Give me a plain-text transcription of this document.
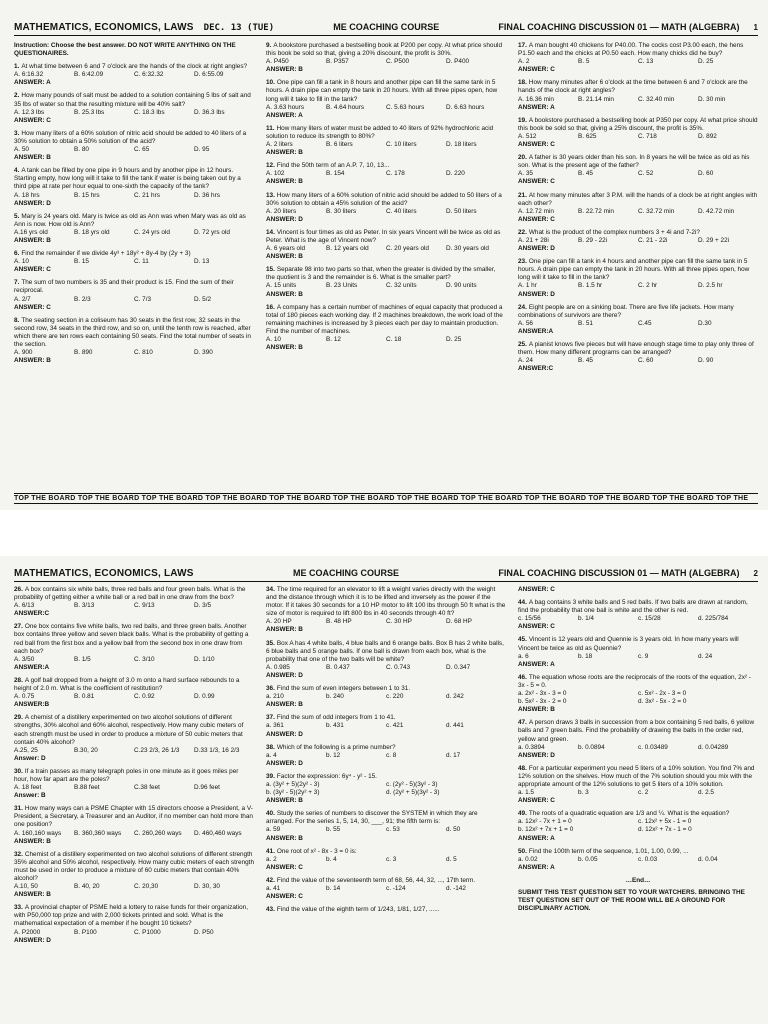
MATHEMATICS, ECONOMICS, LAWS DEC. 13 (TUE)	ME COACHING COURSE	FINAL COACHING DISCUSSION 01 — MATH (ALGEBRA) 1
Instruction: Choose the best answer. DO NOT WRITE ANYTHING ON THE QUESTIONAIRES.
1. At what time between 6 and 7 o'clock are the hands of the clock at right angles?
A. 6:16.32	B. 6:42.09	C. 6:32.32	D. 6:55.09
ANSWER: A
2. How many pounds of salt must be added to a solution containing 5 lbs of salt and 35 lbs of water so that the resulting mixture will be 40% salt?
A. 12.3 lbs	B. 25.3 lbs	C. 18.3 lbs	D. 36.3 lbs
ANSWER: C
3. How many liters of a 60% solution of nitric acid should be added to 40 liters of a 30% solution to obtain a 50% solution of the acid?
A. 50	B. 80	C. 65	D. 95
ANSWER: B
4. A tank can be filled by one pipe in 9 hours and by another pipe in 12 hours. Starting empty, how long will it take to fill the tank if water is being taken out by a third pipe at rate per hour equal to one-sixth the capacity of the tank?
A. 18 hrs	B. 15 hrs	C. 21 hrs	D. 36 hrs
ANSWER: D
5. Mary is 24 years old. Mary is twice as old as Ann was when Mary was as old as Ann is now. How old is Ann?
A.16 yrs old	B. 18 yrs old	C. 24 yrs old	D. 72 yrs old
ANSWER: B
6. Find the remainder if we divide 4y³ + 18y² + 8y-4 by (2y + 3)
A. 10	B. 15	C. 11	D. 13
ANSWER: C
7. The sum of two numbers is 35 and their product is 15. Find the sum of their reciprocal.
A. 2/7	B. 2/3	C. 7/3	D. 5/2
ANSWER: C
8. The seating section in a coliseum has 30 seats in the first row, 32 seats in the second row, 34 seats in the third row, and so on, until the tenth row is reached, after which there are ten rows each containing 50 seats. Find the total number of seats in the section.
A. 900	B. 890	C. 810	D. 390
ANSWER: B
9. A bookstore purchased a bestselling book at P200 per copy. At what price should this book be sold so that, giving a 20% discount, the profit is 30%.
A. P450	B. P357	C. P500	D. P400
ANSWER: B
10. One pipe can fill a tank in 8 hours and another pipe can fill the same tank in 5 hours. A drain pipe can empty the tank in 20 hours. With all three pipes open, how long will it take to fill in the tank?
A. 3.63 hours	B. 4.64 hours	C. 5.63 hours	D. 6.63 hours
ANSWER: A
11. How many liters of water must be added to 40 liters of 92% hydrochloric acid solution to reduce its strength to 80%?
A. 2 liters	B. 6 liters	C. 10 liters	D. 18 liters
ANSWER: B
12. Find the 50th term of an A.P. 7, 10, 13...
A. 102	B. 154	C. 178	D. 220
ANSWER: B
13. How many liters of a 60% solution of nitric acid should be added to 50 liters of a 30% solution to obtain a 45% solution of the acid?
A. 20 liters	B. 30 liters	C. 40 liters	D. 50 liters
ANSWER: D
14. Vincent is four times as old as Peter. In six years Vincent will be twice as old as Peter. What is the age of Vincent now?
A. 6 years old	B. 12 years old	C. 20 years old	D. 30 years old
ANSWER: B
15. Separate 98 into two parts so that, when the greater is divided by the smaller, the quotient is 3 and the remainder is 6. What is the smaller part?
A. 15 units	B. 23 Units	C. 32 units	D. 90 units
ANSWER: B
16. A company has a certain number of machines of equal capacity that produced a total of 180 pieces each working day. If 2 machines breakdown, the work load of the remaining machines is increased by 3 pieces each per day to maintain production. Find the number of machines.
A. 10	B. 12	C. 18	D. 25
ANSWER: B
17. A man bought 40 chickens for P40.00. The cocks cost P3.00 each, the hens P1.50 each and the chicks at P0.50 each. How many chicks did he buy?
A. 2	B. 5	C. 13	D. 25
ANSWER: C
18. How many minutes after 6 o'clock at the time between 6 and 7 o'clock are the hands of the clock at right angles?
A. 16.36 min	B. 21.14 min	C. 32.40 min	D. 30 min
ANSWER: A
19. A bookstore purchased a bestselling book at P350 per copy. At what price should this book be sold so that, giving a 25% discount, the profit is 35%.
A. 512	B. 625	C. 718	D. 892
ANSWER: C
20. A father is 30 years older than his son. In 8 years he will be twice as old as his son. What is the present age of the father?
A. 35	B. 45	C. 52	D. 60
ANSWER: C
21. At how many minutes after 3 P.M. will the hands of a clock be at right angles with each other?
A. 12.72 min	B. 22.72 min	C. 32.72 min	D. 42.72 min
ANSWER: C
22. What is the product of the complex numbers 3 + 4i and 7-2i?
A. 21 + 28i	B. 29 - 22i	C. 21 - 22i	D. 29 + 22i
ANSWER: D
23. One pipe can fill a tank in 4 hours and another pipe can fill the same tank in 5 hours. A drain pipe can empty the tank in 20 hours. With all three pipes open, how long will it take to fill in the tank?
A. 1 hr	B. 1.5 hr	C. 2 hr	D. 2.5 hr
ANSWER: D
24. Eight people are on a sinking boat. There are five life jackets. How many combinations of survivors are there?
A. 56	B. 51	C.45	D.30
ANSWER:A
25. A pianist knows five pieces but will have enough stage time to play only three of them. How many different programs can be arranged?
A. 24	B. 45	C. 60	D. 90
ANSWER:C
TOP THE BOARD TOP THE BOARD TOP THE BOARD TOP THE BOARD TOP THE BOARD TOP THE BOARD TOP THE BOARD TOP THE BOARD TOP THE BOARD TOP THE BOARD TOP THE BOARD TOP THE
MATHEMATICS, ECONOMICS, LAWS	ME COACHING COURSE	FINAL COACHING DISCUSSION 01 — MATH (ALGEBRA) 2
26. A box contains six white balls, three red balls and four green balls. What is the probability of getting either a white ball or a red ball in one draw from the box?
A. 6/13	B. 3/13	C. 9/13	D. 3/5
ANSWER:C
27. One box contains five white balls, two red balls, and three green balls. Another box contains three yellow and seven black balls. What is the probability of getting a red ball from the first box and a yellow ball from the second box in one draw from each box?
A. 3/50	B. 1/5	C. 3/10	D. 1/10
ANSWER:A
28. A golf ball dropped from a height of 3.0 m onto a hard surface rebounds to a height of 2.0 m. What is the coefficient of restitution?
A. 0.75	B. 0.81	C. 0.92	D. 0.99
ANSWER:B
29. A chemist of a distillery experimented on two alcohol solutions of different strengths, 30% alcohol and 60% alcohol, respectively. How many cubic meters of each strength must be used in order to produce a mixture of 50 cubic meters that contain 40% alcohol?
A.25, 25	B.30, 20	C.23 2/3, 26 1/3	D.33 1/3, 16 2/3
Answer: D
30. If a train passes as many telegraph poles in one minute as it goes miles per hour, how far apart are the poles?
A. 18 feet	B.88 feet	C.38 feet	D.96 feet
Answer: B
31. How many ways can a PSME Chapter with 15 directors choose a President, a V-President, a Secretary, a Treasurer and an Auditor, if no member can hold more than one position?
A. 160,160 ways	B. 360,360 ways	C. 260,260 ways	D. 460,460 ways
ANSWER: B
32. Chemist of a distillery experimented on two alcohol solutions of different strength 35% alcohol and 50% alcohol, respectively. How many cubic meters of each strength must be used in order to produce a mixture of 60 cubic meters that contain 40% alcohol?
A.10, 50	B. 40, 20	C. 20,30	D. 30, 30
ANSWER: B
33. A provincial chapter of PSME held a lottery to raise funds for their organization, with P50,000 top prize and with 2,000 tickets printed and sold. What is the mathematical expectation of a member if he bought 10 tickets?
A. P2000	B. P100	C. P1000	D. P50
ANSWER: D
34. The time required for an elevator to lift a weight varies directly with the weight and the distance through which it is to be lifted and inversely as the power if the motor. If it takes 30 seconds for a 10 HP motor to lift 100 lbs through 50 ft what is the size of motor is required to lift 800 lbs in 40 seconds through 40 ft?
A. 20 HP	B. 48 HP	C. 30 HP	D. 68 HP
ANSWER: B
35. Box A has 4 white balls, 4 blue balls and 6 orange balls. Box B has 2 white balls, 6 blue balls and 5 orange balls. If one ball is drawn from each box, what is the probability that one of the two balls will be white?
A. 0.985	B. 0.437	C. 0.743	D. 0.347
ANSWER: D
36. Find the sum of even integers between 1 to 31.
a. 210	b. 240	c. 220	d. 242
ANSWER: B
37. Find the sum of odd integers from 1 to 41.
a. 361	b. 431	c. 421	d. 441
ANSWER: D
38. Which of the following is a prime number?
a. 4	b. 12	c. 8	d. 17
ANSWER: D
39. Factor the expression: 6y⁴ - y² - 15.
a. (3y² + 5)(2y² - 3)	c. (2y² - 5)(3y² - 3)
b. (3y² - 5)(2y² + 3)	d. (2y² + 5)(3y² - 3)
ANSWER: B
40. Study the series of numbers to discover the SYSTEM in which they are arranged. For the series 1, 5, 14, 30, ___, 91; the fifth term is:
a. 59	b. 55	c. 53	d. 50
ANSWER: B
41. One root of x² - 8x - 3 = 0 is:
a. 2	b. 4	c. 3	d. 5
ANSWER: C
42. Find the value of the seventeenth term of 68, 56, 44, 32, ..., 17th term.
a. 41	b. 14	c. -124	d. -142
ANSWER: C
43. Find the value of the eighth term of 1/243, 1/81, 1/27, ......
ANSWER: C
44. A bag contains 3 white balls and 5 red balls. If two balls are drawn at random, find the probability that one ball is white and the other is red.
c. 15/56	b. 1/4	c. 15/28	d. 225/784
ANSWER: C
45. Vincent is 12 years old and Quennie is 3 years old. In how many years will Vincent be twice as old as Quennie?
a. 6	b. 18	c. 9	d. 24
ANSWER: A
46. The equation whose roots are the reciprocals of the roots of the equation, 2x² - 3x - 5 = 0.
a. 2x² - 3x - 3 = 0	c. 5x² - 2x - 3 = 0
b. 5x² - 3x - 2 = 0	d. 3x² - 5x - 2 = 0
ANSWER: B
47. A person draws 3 balls in succession from a box containing 5 red balls, 6 yellow balls and 7 green balls. Find the probability of drawing the balls in the order red, yellow and green.
a. 0.3894	b. 0.0894	c. 0.03489	d. 0.04289
ANSWER: D
48. For a particular experiment you need 5 liters of a 10% solution. You find 7% and 12% solution on the shelves. How much of the 7% solution should you mix with the appropriate amount of the 12% solutions to get 5 liters of a 10% solution.
a. 1.5	b. 3	c. 2	d. 2.5
ANSWER: C
49. The roots of a quadratic equation are 1/3 and ¼. What is the equation?
a. 12x² - 7x + 1 = 0	c. 12x² + 5x - 1 = 0
b. 12x² + 7x + 1 = 0	d. 12x² + 7x - 1 = 0
ANSWER: A
50. Find the 100th term of the sequence, 1.01, 1.00, 0.99, ...
a. 0.02	b. 0.05	c. 0.03	d. 0.04
ANSWER: A
…End…
SUBMIT THIS TEST QUESTION SET TO YOUR WATCHERS. BRINGING THE TEST QUESTION SET OUT OF THE ROOM WILL BE A GROUND FOR DISCIPLINARY ACTION.
